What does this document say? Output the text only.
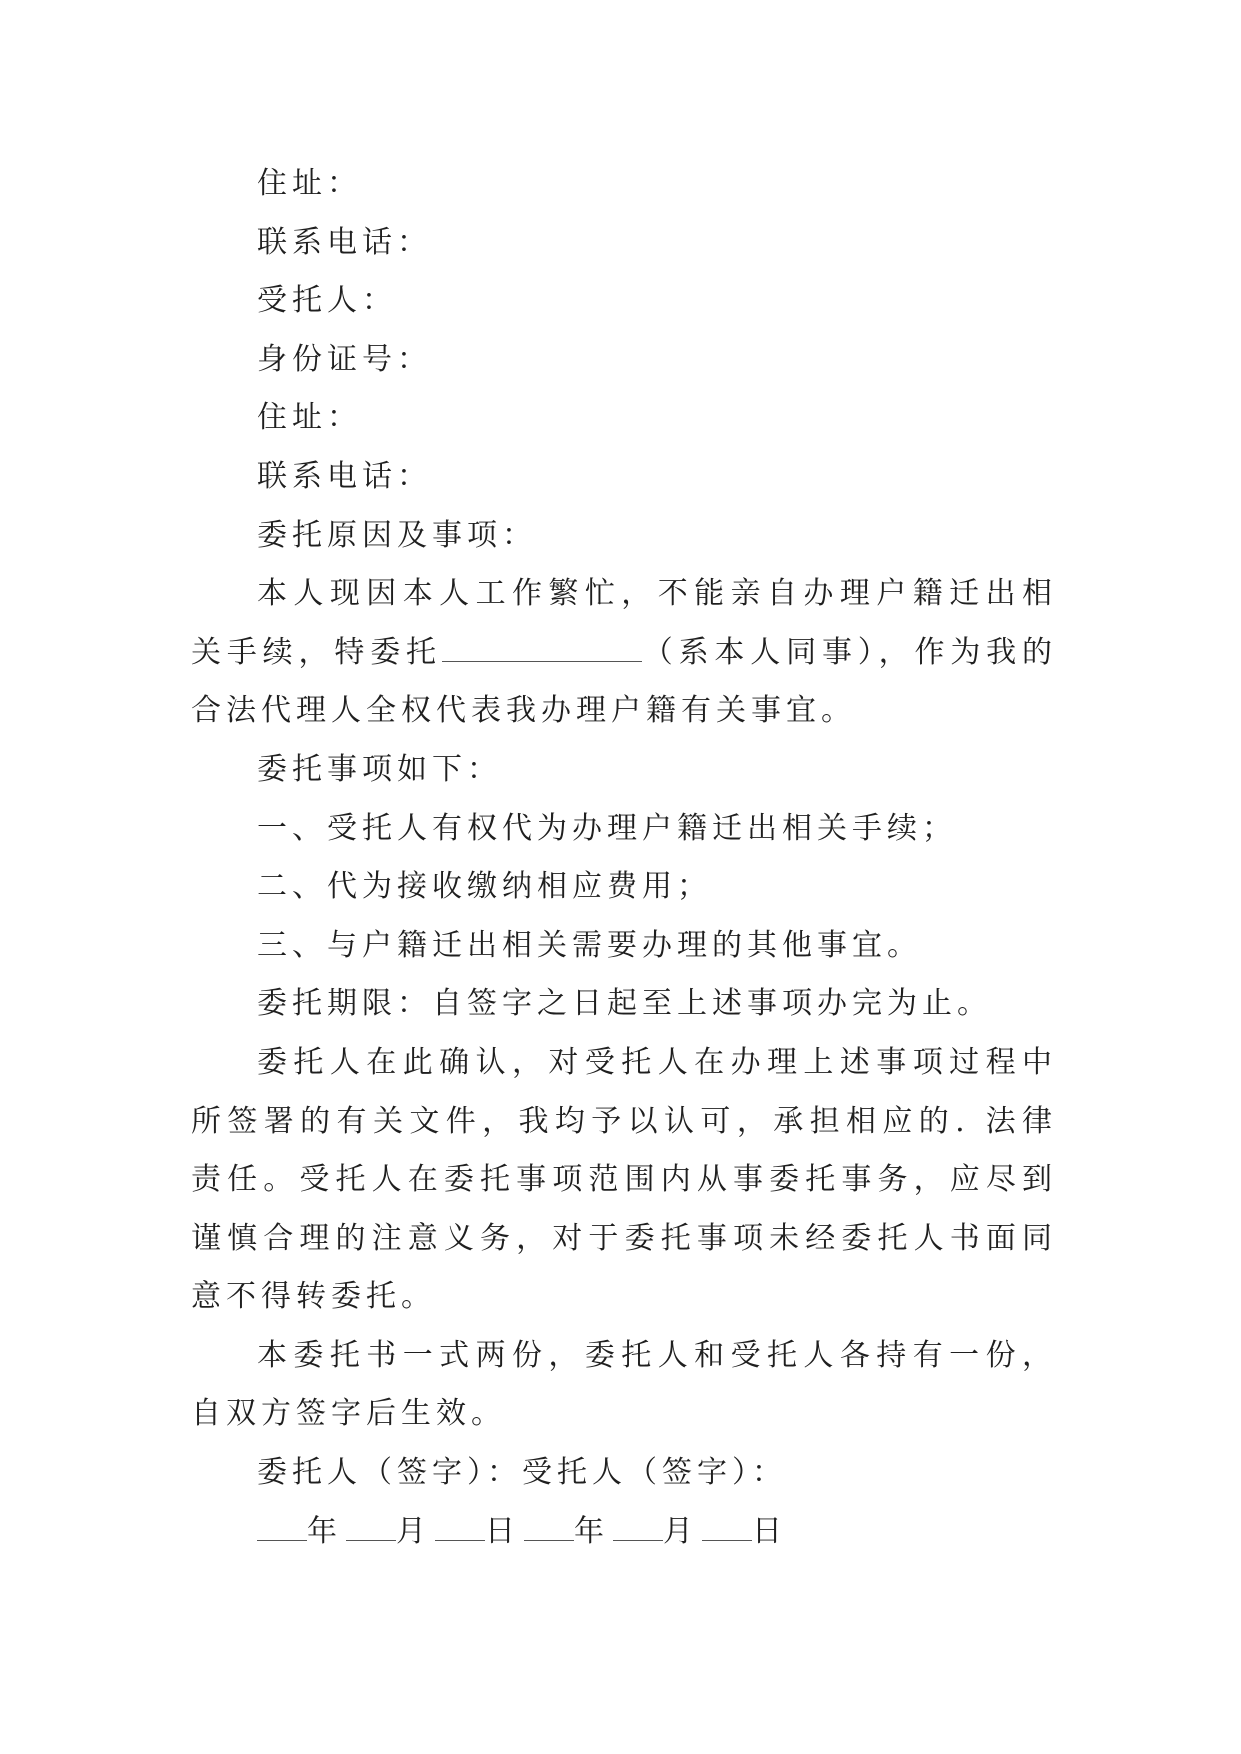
住址：
联系电话：
受托人：
身份证号：
住址：
联系电话：
委托原因及事项：
本人现因本人工作繁忙，不能亲自办理户籍迁出相关手续，特委托	（系本人同事），作为我的合法代理人全权代表我办理户籍有关事宜。
委托事项如下：
一、受托人有权代为办理户籍迁出相关手续；
二、代为接收缴纳相应费用；
三、与户籍迁出相关需要办理的其他事宜。
委托期限：自签字之日起至上述事项办完为止。
委托人在此确认，对受托人在办理上述事项过程中所签署的有关文件，我均予以认可，承担相应的. 法律责任。受托人在委托事项范围内从事委托事务，应尽到谨慎合理的注意义务，对于委托事项未经委托人书面同意不得转委托。
本委托书一式两份，委托人和受托人各持有一份，自双方签字后生效。
委托人（签字）：受托人（签字）：
年 月 日 年 月 日
